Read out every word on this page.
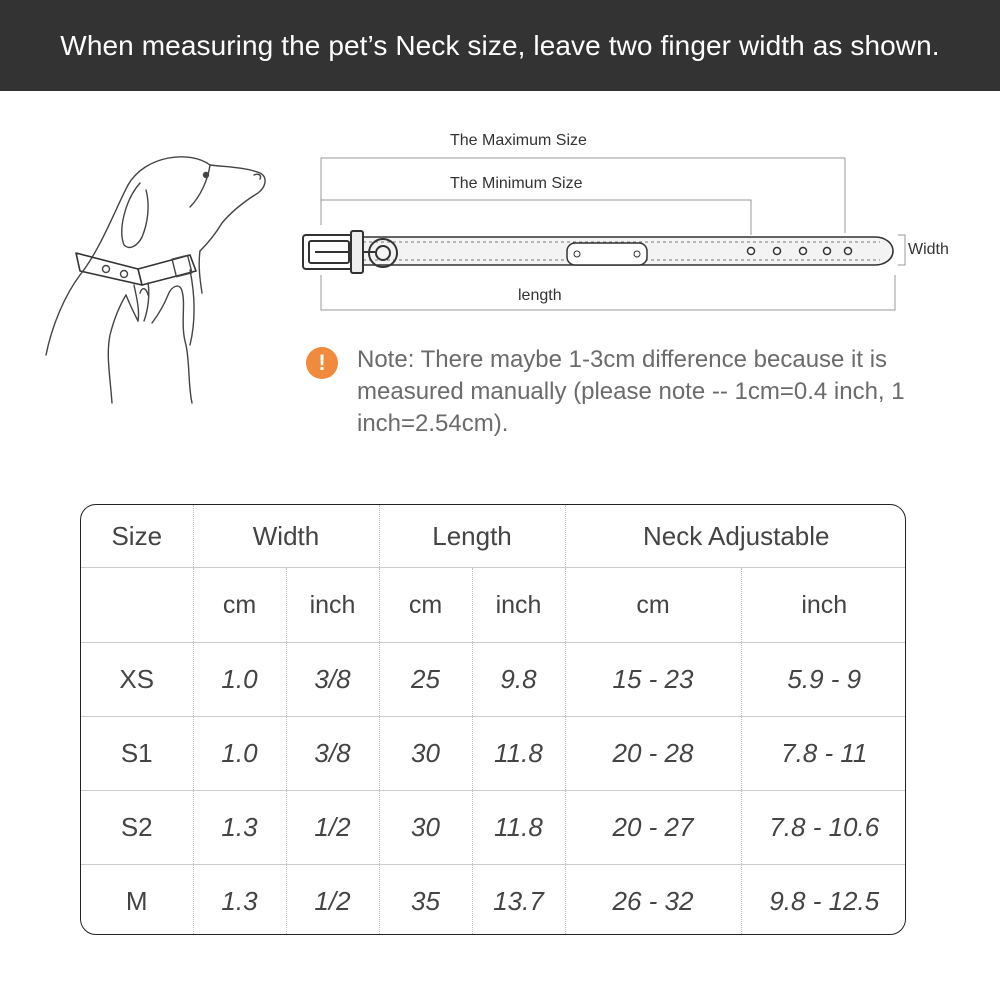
When measuring the pet’s Neck size, leave two finger width as shown.
The Maximum Size
The Minimum Size
length
Width
!	Note: There maybe 1-3cm difference because it is measured manually (please note -- 1cm=0.4 inch, 1 inch=2.54cm).
Size	Width		Length		Neck Adjustable	
	cm	inch	cm	inch	cm	inch
XS	1.0	3/8	25	9.8	15 - 23	5.9 - 9
S1	1.0	3/8	30	11.8	20 - 28	7.8 - 11
S2	1.3	1/2	30	11.8	20 - 27	7.8 - 10.6
M	1.3	1/2	35	13.7	26 - 32	9.8 - 12.5
